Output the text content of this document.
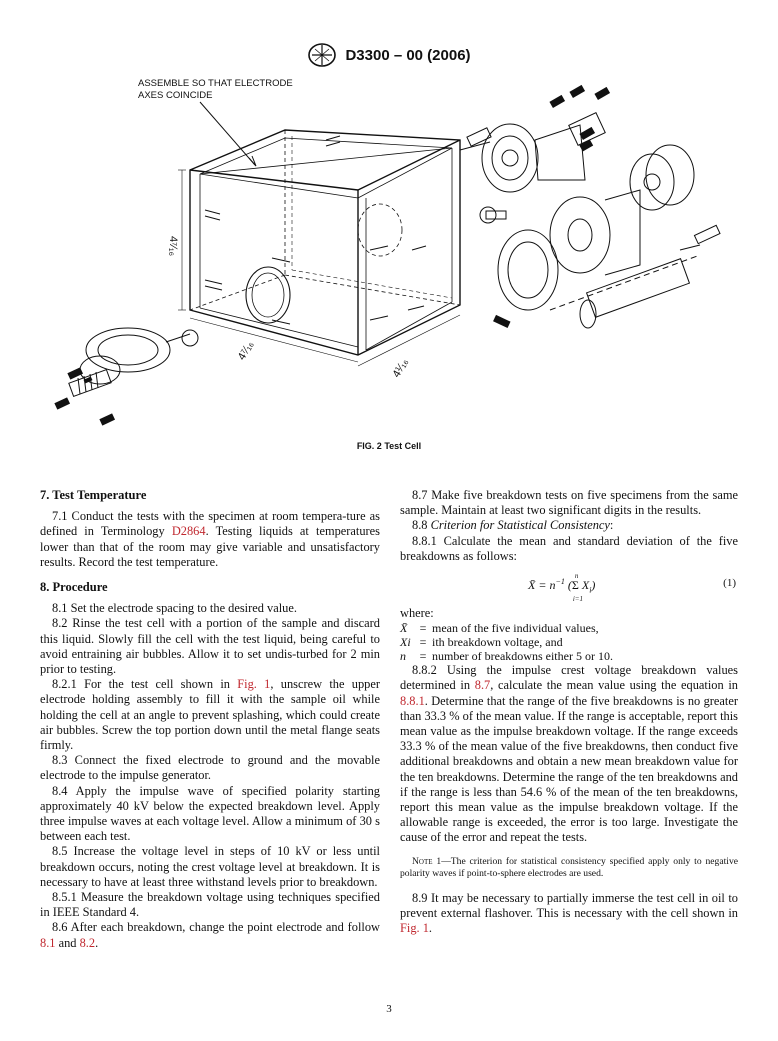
D3300 – 00 (2006)
ASSEMBLE SO THAT ELECTRODE
AXES COINCIDE
4⁷⁄₁₆
4⁷⁄₁₆
4¹⁄₁₆
FIG. 2 Test Cell
7. Test Temperature

7.1 Conduct the tests with the specimen at room tempera-ture as defined in Terminology D2864. Testing liquids at temperatures lower than that of the room may give variable and unsatisfactory results. Record the test temperature.

8. Procedure

8.1 Set the electrode spacing to the desired value.

8.2 Rinse the test cell with a portion of the sample and discard this liquid. Slowly fill the cell with the test liquid, being careful to avoid entraining air bubbles. Allow it to set undis-turbed for 2 min prior to testing.

8.2.1 For the test cell shown in Fig. 1, unscrew the upper electrode holding assembly to fill it with the sample oil while holding the cell at an angle to prevent splashing, which could create air bubbles. Screw the top portion down until the metal flange seats firmly.

8.3 Connect the fixed electrode to ground and the movable electrode to the impulse generator.

8.4 Apply the impulse wave of specified polarity starting approximately 40 kV below the expected breakdown level. Apply three impulse waves at each voltage level. Allow a minimum of 30 s between each test.

8.5 Increase the voltage level in steps of 10 kV or less until breakdown occurs, noting the crest voltage level at breakdown. It is necessary to have at least three withstand levels prior to breakdown.

8.5.1 Measure the breakdown voltage using techniques specified in IEEE Standard 4.

8.6 After each breakdown, change the point electrode and follow 8.1 and 8.2.

8.7 Make five breakdown tests on five specimens from the same sample. Maintain at least two significant digits in the results.

8.8 Criterion for Statistical Consistency:

8.8.1 Calculate the mean and standard deviation of the five breakdowns as follows:

X̄ = $n^{-1}$ (
n
Σ
i=1
$X_i$)	(1)
where:
X̄	= mean of the five individual values,
Xi = ith breakdown voltage, and
n	= number of breakdowns either 5 or 10.

8.8.2 Using the impulse crest voltage breakdown values determined in 8.7, calculate the mean value using the equation in 8.8.1. Determine that the range of the five breakdowns is no greater than 33.3 % of the mean value. If the range is acceptable, report this mean value as the impulse breakdown voltage. If the range exceeds 33.3 % of the mean value of the five breakdowns, then conduct five additional breakdowns and obtain a new mean breakdown value for the ten breakdowns. Determine the range of the ten breakdowns and if the range is less than 54.6 % of the mean of the ten breakdowns, report this mean value as the impulse breakdown voltage. If the allowable range is exceeded, the error is too large. Investigate the cause of the error and repeat the tests.

Note 1—The criterion for statistical consistency specified apply only to negative polarity waves if point-to-sphere electrodes are used.

8.9 It may be necessary to partially immerse the test cell in oil to prevent external flashover. This is necessary with the cell shown in Fig. 1.

3
